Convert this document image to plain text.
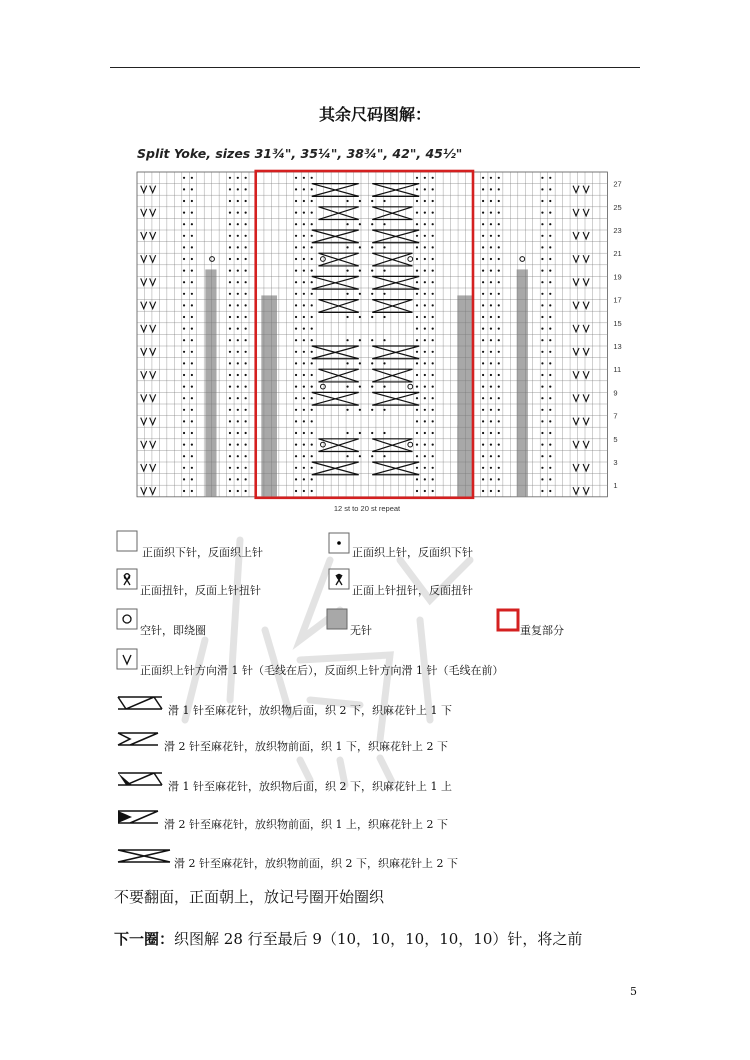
其余尺码图解：
Split Yoke, sizes 31¾", 35¼", 38¾", 42", 45½"
27
25
23
21
19
17
15
13
11
9
7
5
3
1
12 st to 20 st repeat
正面织下针，反面织上针	正面织上针，反面织下针
正面扭针，反面上针扭针	正面上针扭针，反面扭针
空针，即绕圈	无针	重复部分
正面织上针方向滑 1 针（毛线在后），反面织上针方向滑 1 针（毛线在前）
滑 1 针至麻花针，放织物后面，织 2 下，织麻花针上 1 下
滑 2 针至麻花针，放织物前面，织 1 下，织麻花针上 2 下
滑 1 针至麻花针，放织物后面，织 2 下，织麻花针上 1 上
滑 2 针至麻花针，放织物前面，织 1 上，织麻花针上 2 下
滑 2 针至麻花针，放织物前面，织 2 下，织麻花针上 2 下
不要翻面，正面朝上，放记号圈开始圈织
下一圈：织图解 28 行至最后 9（10，10，10，10，10）针，将之前
5
